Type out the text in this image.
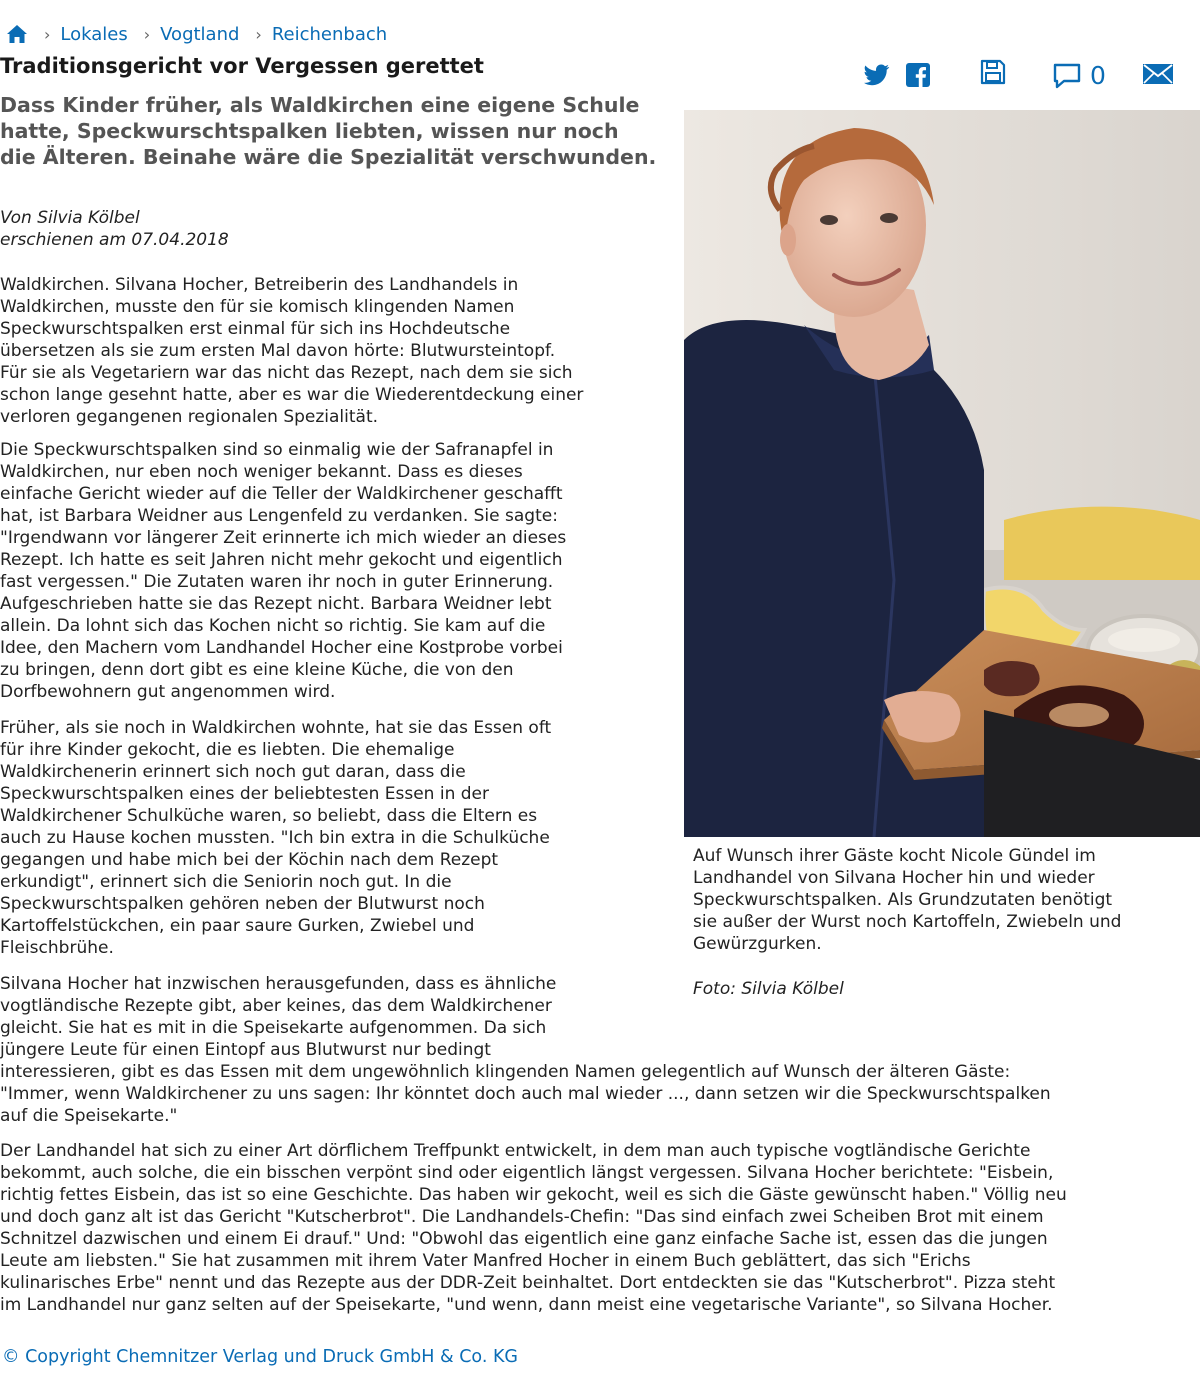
› Lokales › Vogtland › Reichenbach
Traditionsgericht vor Vergessen gerettet	0

Dass Kinder früher, als Waldkirchen eine eigene Schule hatte, Speckwurschtspalken liebten, wissen nur noch die Älteren. Beinahe wäre die Spezialität verschwunden.

Von Silvia Kölbel
erschienen am 07.04.2018
Auf Wunsch ihrer Gäste kocht Nicole Gündel im
Landhandel von Silvana Hocher hin und wieder
Speckwurschtspalken. Als Grundzutaten benötigt
sie außer der Wurst noch Kartoffeln, Zwiebeln und
Gewürzgurken.
Foto: Silvia Kölbel
Waldkirchen. Silvana Hocher, Betreiberin des Landhandels in
Waldkirchen, musste den für sie komisch klingenden Namen
Speckwurschtspalken erst einmal für sich ins Hochdeutsche
übersetzen als sie zum ersten Mal davon hörte: Blutwursteintopf.
Für sie als Vegetariern war das nicht das Rezept, nach dem sie sich
schon lange gesehnt hatte, aber es war die Wiederentdeckung einer
verloren gegangenen regionalen Spezialität.
Die Speckwurschtspalken sind so einmalig wie der Safranapfel in
Waldkirchen, nur eben noch weniger bekannt. Dass es dieses
einfache Gericht wieder auf die Teller der Waldkirchener geschafft
hat, ist Barbara Weidner aus Lengenfeld zu verdanken. Sie sagte:
"Irgendwann vor längerer Zeit erinnerte ich mich wieder an dieses
Rezept. Ich hatte es seit Jahren nicht mehr gekocht und eigentlich
fast vergessen." Die Zutaten waren ihr noch in guter Erinnerung.
Aufgeschrieben hatte sie das Rezept nicht. Barbara Weidner lebt
allein. Da lohnt sich das Kochen nicht so richtig. Sie kam auf die
Idee, den Machern vom Landhandel Hocher eine Kostprobe vorbei
zu bringen, denn dort gibt es eine kleine Küche, die von den
Dorfbewohnern gut angenommen wird.
Früher, als sie noch in Waldkirchen wohnte, hat sie das Essen oft
für ihre Kinder gekocht, die es liebten. Die ehemalige
Waldkirchenerin erinnert sich noch gut daran, dass die
Speckwurschtspalken eines der beliebtesten Essen in der
Waldkirchener Schulküche waren, so beliebt, dass die Eltern es
auch zu Hause kochen mussten. "Ich bin extra in die Schulküche
gegangen und habe mich bei der Köchin nach dem Rezept
erkundigt", erinnert sich die Seniorin noch gut. In die
Speckwurschtspalken gehören neben der Blutwurst noch
Kartoffelstückchen, ein paar saure Gurken, Zwiebel und
Fleischbrühe.
Silvana Hocher hat inzwischen herausgefunden, dass es ähnliche
vogtländische Rezepte gibt, aber keines, das dem Waldkirchener
gleicht. Sie hat es mit in die Speisekarte aufgenommen. Da sich
jüngere Leute für einen Eintopf aus Blutwurst nur bedingt
interessieren, gibt es das Essen mit dem ungewöhnlich klingenden Namen gelegentlich auf Wunsch der älteren Gäste:
"Immer, wenn Waldkirchener zu uns sagen: Ihr könntet doch auch mal wieder ..., dann setzen wir die Speckwurschtspalken
auf die Speisekarte."
Der Landhandel hat sich zu einer Art dörflichem Treffpunkt entwickelt, in dem man auch typische vogtländische Gerichte
bekommt, auch solche, die ein bisschen verpönt sind oder eigentlich längst vergessen. Silvana Hocher berichtete: "Eisbein,
richtig fettes Eisbein, das ist so eine Geschichte. Das haben wir gekocht, weil es sich die Gäste gewünscht haben." Völlig neu
und doch ganz alt ist das Gericht "Kutscherbrot". Die Landhandels-Chefin: "Das sind einfach zwei Scheiben Brot mit einem
Schnitzel dazwischen und einem Ei drauf." Und: "Obwohl das eigentlich eine ganz einfache Sache ist, essen das die jungen
Leute am liebsten." Sie hat zusammen mit ihrem Vater Manfred Hocher in einem Buch geblättert, das sich "Erichs
kulinarisches Erbe" nennt und das Rezepte aus der DDR-Zeit beinhaltet. Dort entdeckten sie das "Kutscherbrot". Pizza steht
im Landhandel nur ganz selten auf der Speisekarte, "und wenn, dann meist eine vegetarische Variante", so Silvana Hocher.
© Copyright Chemnitzer Verlag und Druck GmbH & Co. KG
